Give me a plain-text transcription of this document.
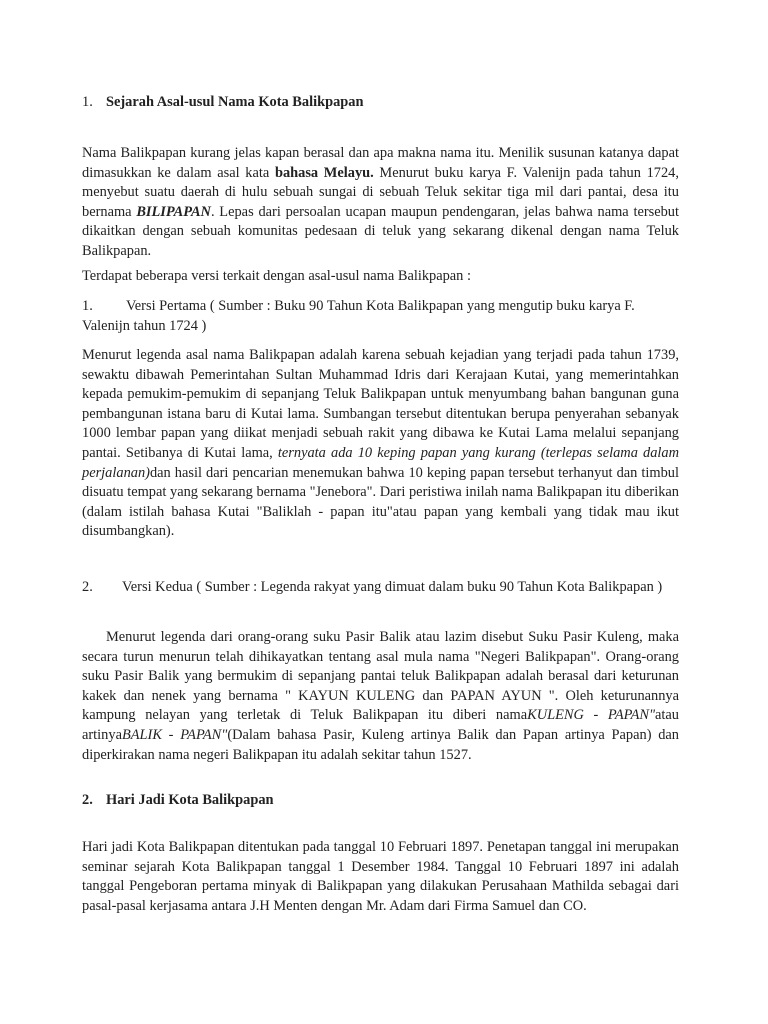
1. Sejarah Asal-usul Nama Kota Balikpapan

Nama Balikpapan kurang jelas kapan berasal dan apa makna nama itu. Menilik susunan katanya dapat dimasukkan ke dalam asal kata bahasa Melayu. Menurut buku karya F. Valenijn pada tahun 1724, menyebut suatu daerah di hulu sebuah sungai di sebuah Teluk sekitar tiga mil dari pantai, desa itu bernama BILIPAPAN. Lepas dari persoalan ucapan maupun pendengaran, jelas bahwa nama tersebut dikaitkan dengan sebuah komunitas pedesaan di teluk yang sekarang dikenal dengan nama Teluk Balikpapan.

Terdapat beberapa versi terkait dengan asal-usul nama Balikpapan :

1. Versi Pertama ( Sumber : Buku 90 Tahun Kota Balikpapan yang mengutip buku karya F. Valenijn tahun 1724 )

Menurut legenda asal nama Balikpapan adalah karena sebuah kejadian yang terjadi pada tahun 1739, sewaktu dibawah Pemerintahan Sultan Muhammad Idris dari Kerajaan Kutai, yang memerintahkan kepada pemukim-pemukim di sepanjang Teluk Balikpapan untuk menyumbang bahan bangunan guna pembangunan istana baru di Kutai lama. Sumbangan tersebut ditentukan berupa penyerahan sebanyak 1000 lembar papan yang diikat menjadi sebuah rakit yang dibawa ke Kutai Lama melalui sepanjang pantai. Setibanya di Kutai lama, ternyata ada 10 keping papan yang kurang (terlepas selama dalam perjalanan)dan hasil dari pencarian menemukan bahwa 10 keping papan tersebut terhanyut dan timbul disuatu tempat yang sekarang bernama "Jenebora". Dari peristiwa inilah nama Balikpapan itu diberikan (dalam istilah bahasa Kutai "Baliklah - papan itu"atau papan yang kembali yang tidak mau ikut disumbangkan).

2. Versi Kedua ( Sumber : Legenda rakyat yang dimuat dalam buku 90 Tahun Kota Balikpapan )

Menurut legenda dari orang-orang suku Pasir Balik atau lazim disebut Suku Pasir Kuleng, maka secara turun menurun telah dihikayatkan tentang asal mula nama "Negeri Balikpapan". Orang-orang suku Pasir Balik yang bermukim di sepanjang pantai teluk Balikpapan adalah berasal dari keturunan kakek dan nenek yang bernama " KAYUN KULENG dan PAPAN AYUN ". Oleh keturunannya kampung nelayan yang terletak di Teluk Balikpapan itu diberi namaKULENG - PAPAN"atau artinyaBALIK - PAPAN"(Dalam bahasa Pasir, Kuleng artinya Balik dan Papan artinya Papan) dan diperkirakan nama negeri Balikpapan itu adalah sekitar tahun 1527.

2. Hari Jadi Kota Balikpapan

Hari jadi Kota Balikpapan ditentukan pada tanggal 10 Februari 1897. Penetapan tanggal ini merupakan seminar sejarah Kota Balikpapan tanggal 1 Desember 1984. Tanggal 10 Februari 1897 ini adalah tanggal Pengeboran pertama minyak di Balikpapan yang dilakukan Perusahaan Mathilda sebagai dari pasal-pasal kerjasama antara J.H Menten dengan Mr. Adam dari Firma Samuel dan CO.
